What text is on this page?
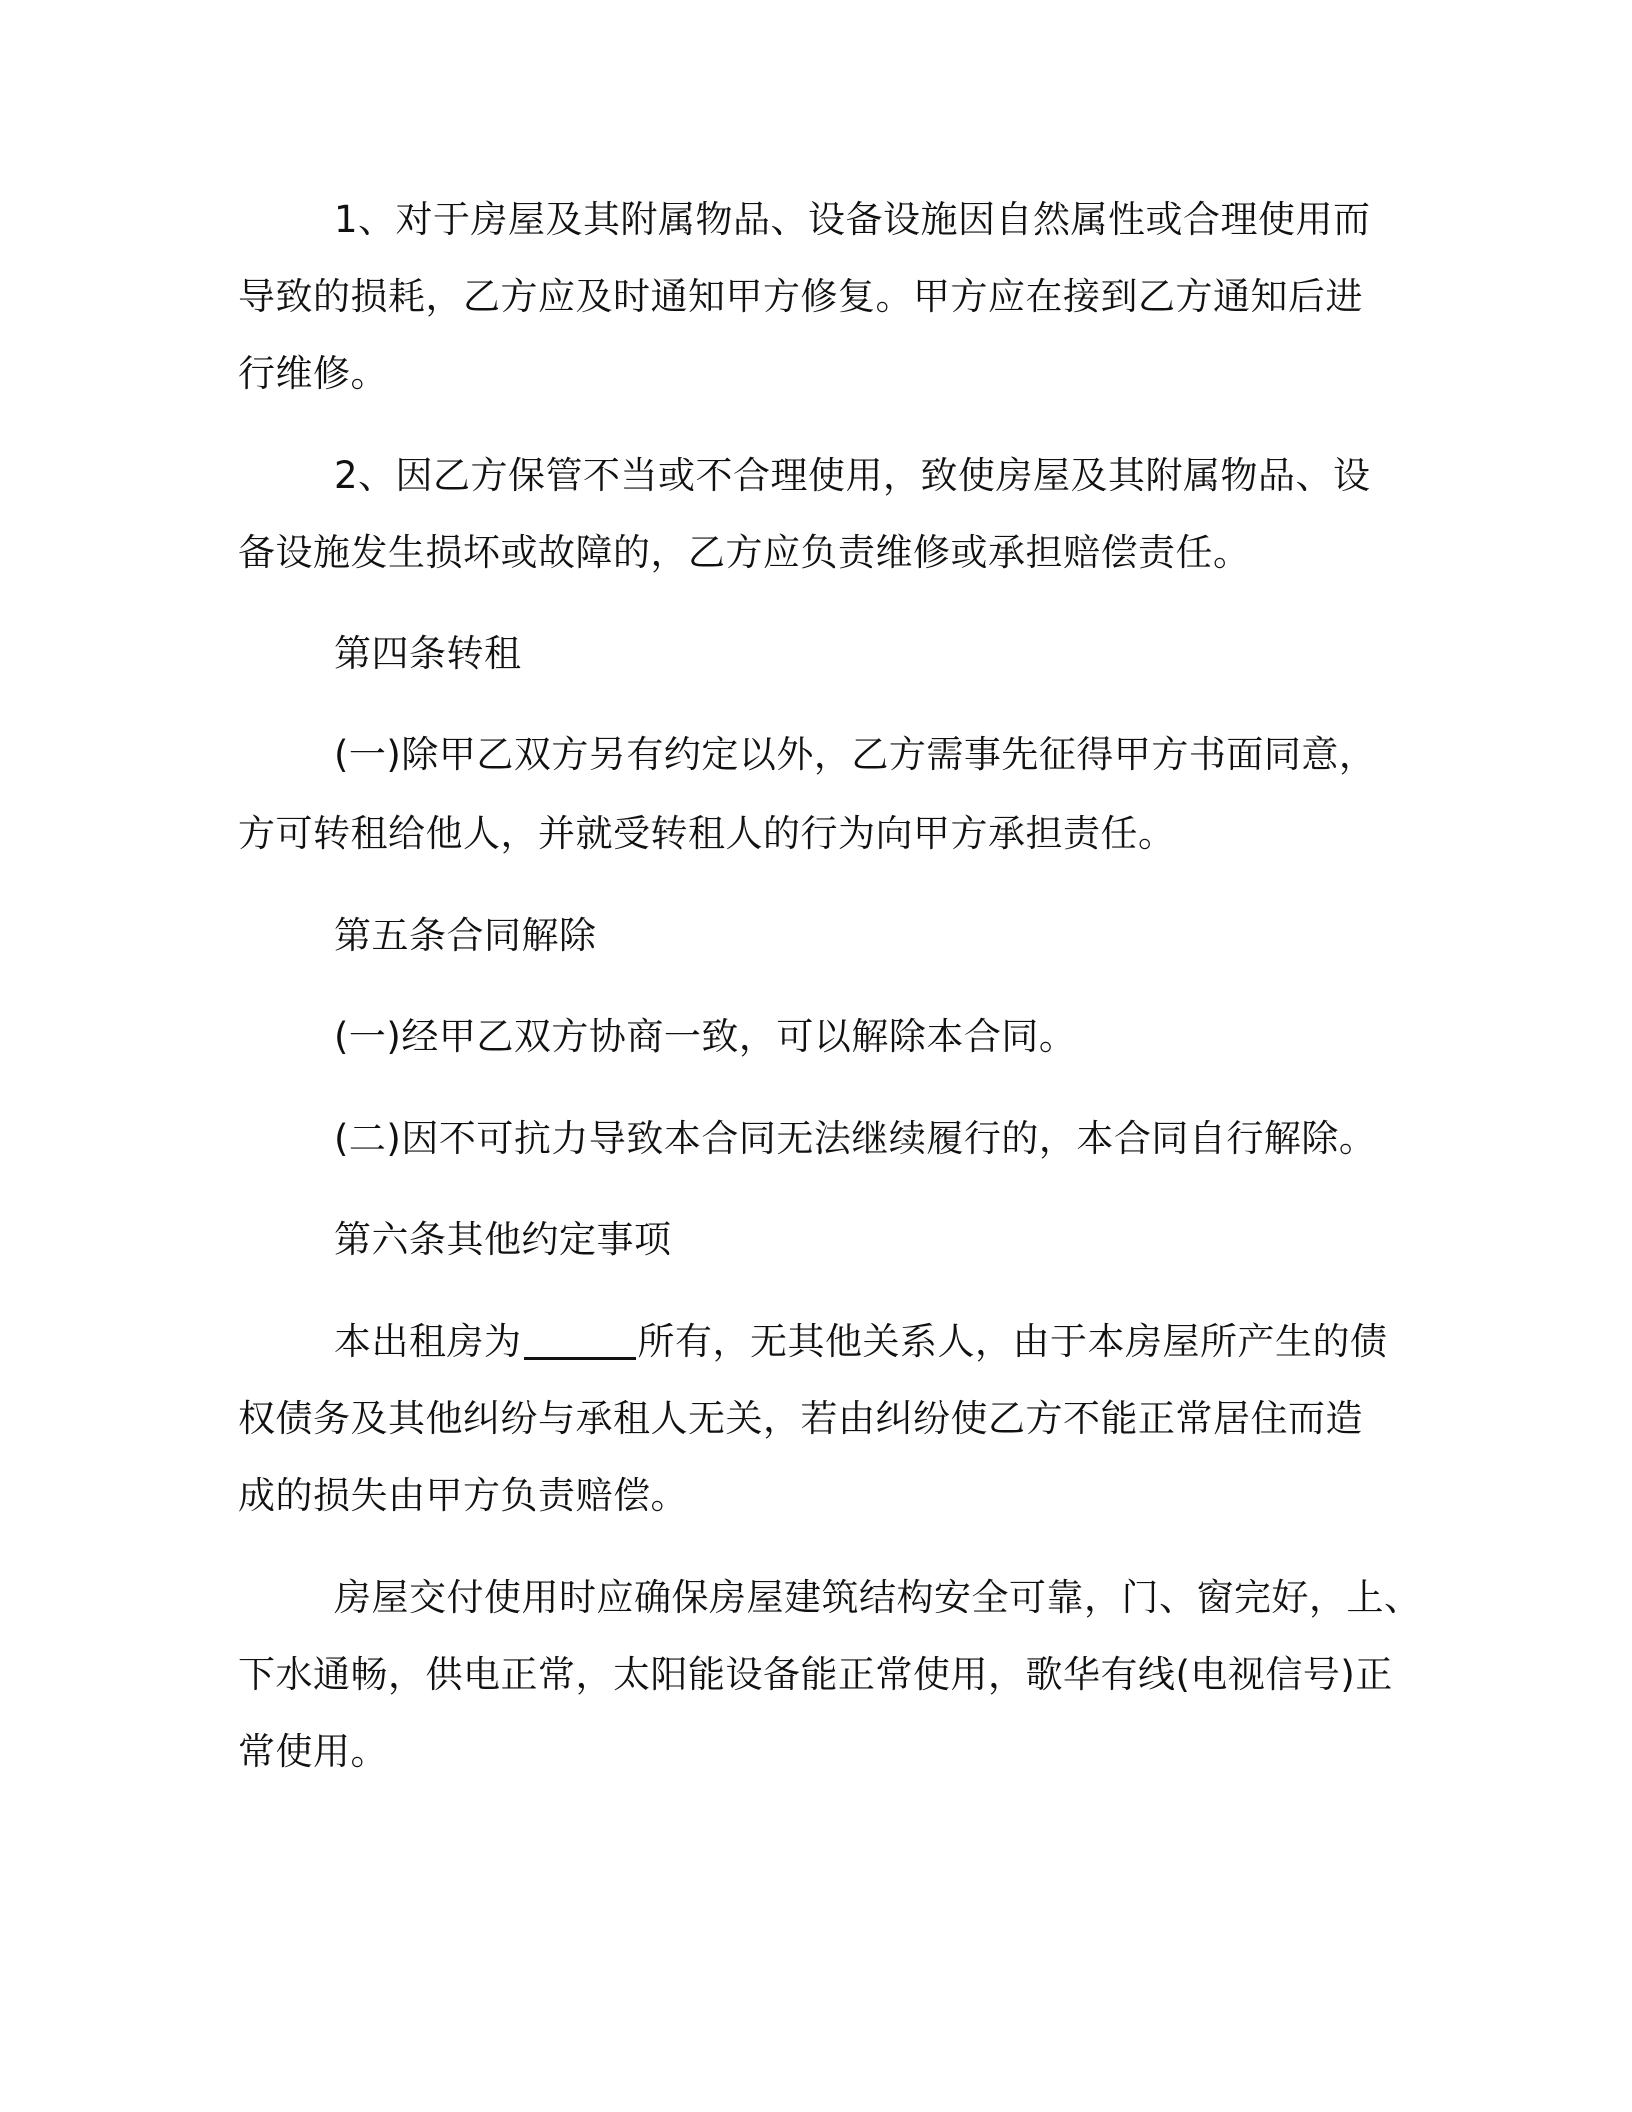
1、对于房屋及其附属物品、设备设施因自然属性或合理使用而
导致的损耗，乙方应及时通知甲方修复。甲方应在接到乙方通知后进
行维修。
2、因乙方保管不当或不合理使用，致使房屋及其附属物品、设
备设施发生损坏或故障的，乙方应负责维修或承担赔偿责任。
第四条转租
(一)除甲乙双方另有约定以外，乙方需事先征得甲方书面同意，
方可转租给他人，并就受转租人的行为向甲方承担责任。
第五条合同解除
(一)经甲乙双方协商一致，可以解除本合同。
(二)因不可抗力导致本合同无法继续履行的，本合同自行解除。
第六条其他约定事项
本出租房为	所有，无其他关系人，由于本房屋所产生的债
权债务及其他纠纷与承租人无关，若由纠纷使乙方不能正常居住而造
成的损失由甲方负责赔偿。
房屋交付使用时应确保房屋建筑结构安全可靠，门、窗完好，上、
下水通畅，供电正常，太阳能设备能正常使用，歌华有线(电视信号)正
常使用。
